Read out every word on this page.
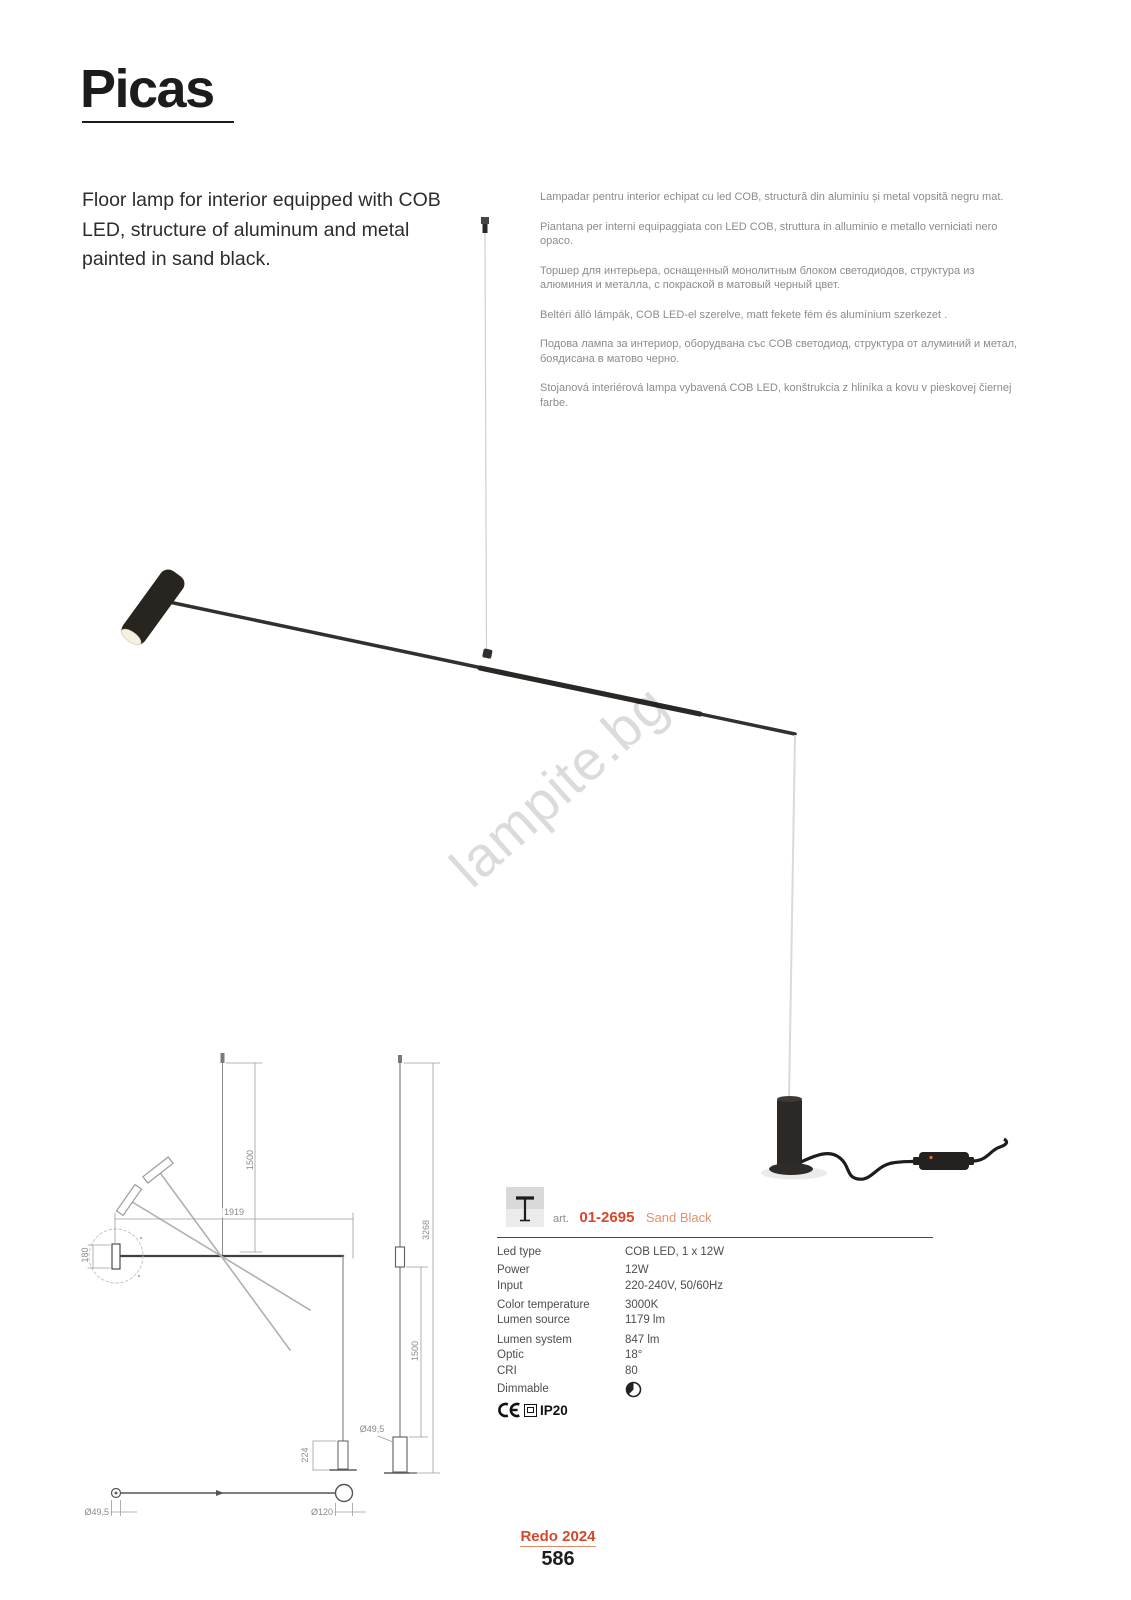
1500
1919
180
224
3268
1500
Ø49,5
Ø49,5	Ø120
Picas
Floor lamp for interior equipped with COB
LED, structure of aluminum and metal
painted in sand black.

Lampadar pentru interior echipat cu led COB, structură din aluminiu și metal vopsită negru mat.

Piantana per interni equipaggiata con LED COB, struttura in alluminio e metallo verniciati nero
opaco.

Торшер для интерьера, оснащенный монолитным блоком светодиодов, структура из
алюминия и металла, с покраской в матовый черный цвет.

Beltéri álló lámpák, COB LED-el szerelve, matt fekete fém és alumínium szerkezet .

Подова лампа за интериор, оборудвана със COB светодиод, структура от алуминий и метал,
боядисана в матово черно.

Stojanová interiérová lampa vybavená COB LED, konštrukcia z hliníka a kovu v pieskovej čiernej
farbe.

lampite.bg
art. 01-2695 Sand Black
Led type	COB LED, 1 x 12W
Power	12W
Input	220-240V, 50/60Hz
Color temperature	3000K
Lumen source	1179 lm
Lumen system	847 lm
Optic	18°
CRI	80
Dimmable
IP20
Redo 2024
586
